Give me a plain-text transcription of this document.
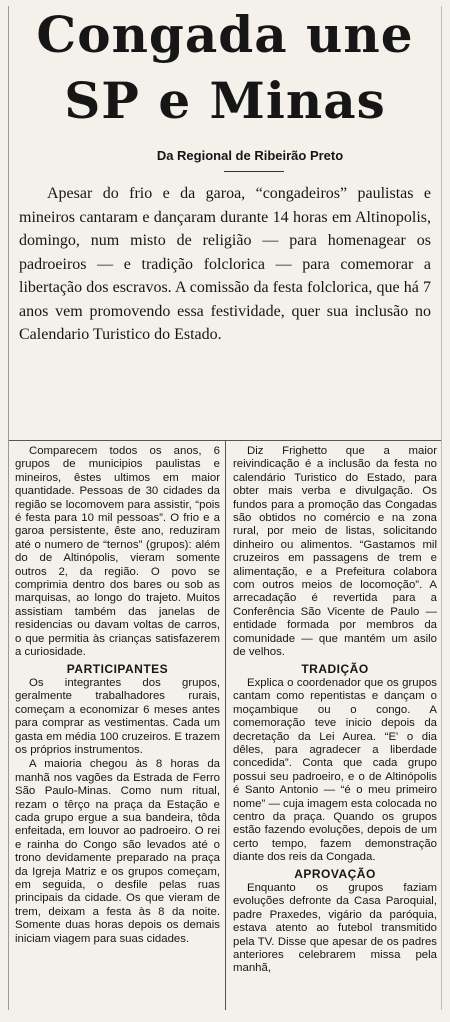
Congada une
SP e Minas
Da Regional de Ribeirão Preto

Apesar do frio e da garoa, “congadeiros” paulistas e mineiros cantaram e dançaram durante 14 horas em Altinopolis, domingo, num misto de religião — para homenagear os padroeiros — e tradição folclorica — para comemorar a libertação dos escravos. A comissão da festa folclorica, que há 7 anos vem promovendo essa festividade, quer sua inclusão no Calendario Turistico do Estado.

Comparecem todos os anos, 6 grupos de municipios paulistas e mineiros, êstes ultimos em maior quantidade. Pessoas de 30 cidades da região se locomovem para assistir, “pois é festa para 10 mil pessoas”. O frio e a garoa persistente, êste ano, reduziram até o numero de “ternos” (grupos): além do de Altinópolis, vieram somente outros 2, da região. O povo se comprimia dentro dos bares ou sob as marquisas, ao longo do trajeto. Muitos assistiam também das janelas de residencias ou davam voltas de carros, o que permitia às crianças satisfazerem a curiosidade.

PARTICIPANTES

Os integrantes dos grupos, geralmente trabalhadores rurais, começam a economizar 6 meses antes para comprar as vestimentas. Cada um gasta em média 100 cruzeiros. E trazem os próprios instrumentos.

A maioria chegou às 8 horas da manhã nos vagões da Estrada de Ferro São Paulo-Minas. Como num ritual, rezam o têrço na praça da Estação e cada grupo ergue a sua bandeira, tôda enfeitada, em louvor ao padroeiro. O rei e rainha do Congo são levados até o trono devidamente preparado na praça da Igreja Matriz e os grupos começam, em seguida, o desfile pelas ruas principais da cidade. Os que vieram de trem, deixam a festa às 8 da noite. Somente duas horas depois os demais iniciam viagem para suas cidades.

Diz Frighetto que a maior reivindicação é a inclusão da festa no calendário Turistico do Estado, para obter mais verba e divulgação. Os fundos para a promoção das Congadas são obtidos no comércio e na zona rural, por meio de listas, solicitando dinheiro ou alimentos. “Gastamos mil cruzeiros em passagens de trem e alimentação, e a Prefeitura colabora com outros meios de locomoção”. A arrecadação é revertida para a Conferência São Vicente de Paulo — entidade formada por membros da comunidade — que mantém um asilo de velhos.

TRADIÇÃO

Explica o coordenador que os grupos cantam como repentistas e dançam o moçambique ou o congo. A comemoração teve inicio depois da decretação da Lei Aurea. “E' o dia dêles, para agradecer a liberdade concedida”. Conta que cada grupo possui seu padroeiro, e o de Altinópolis é Santo Antonio — “é o meu primeiro nome” — cuja imagem esta colocada no centro da praça. Quando os grupos estão fazendo evoluções, depois de um certo tempo, fazem demonstração diante dos reis da Congada.

APROVAÇÃO

Enquanto os grupos faziam evoluções defronte da Casa Paroquial, padre Praxedes, vigário da paróquia, estava atento ao futebol transmitido pela TV. Disse que apesar de os padres anteriores celebrarem missa pela manhã,
